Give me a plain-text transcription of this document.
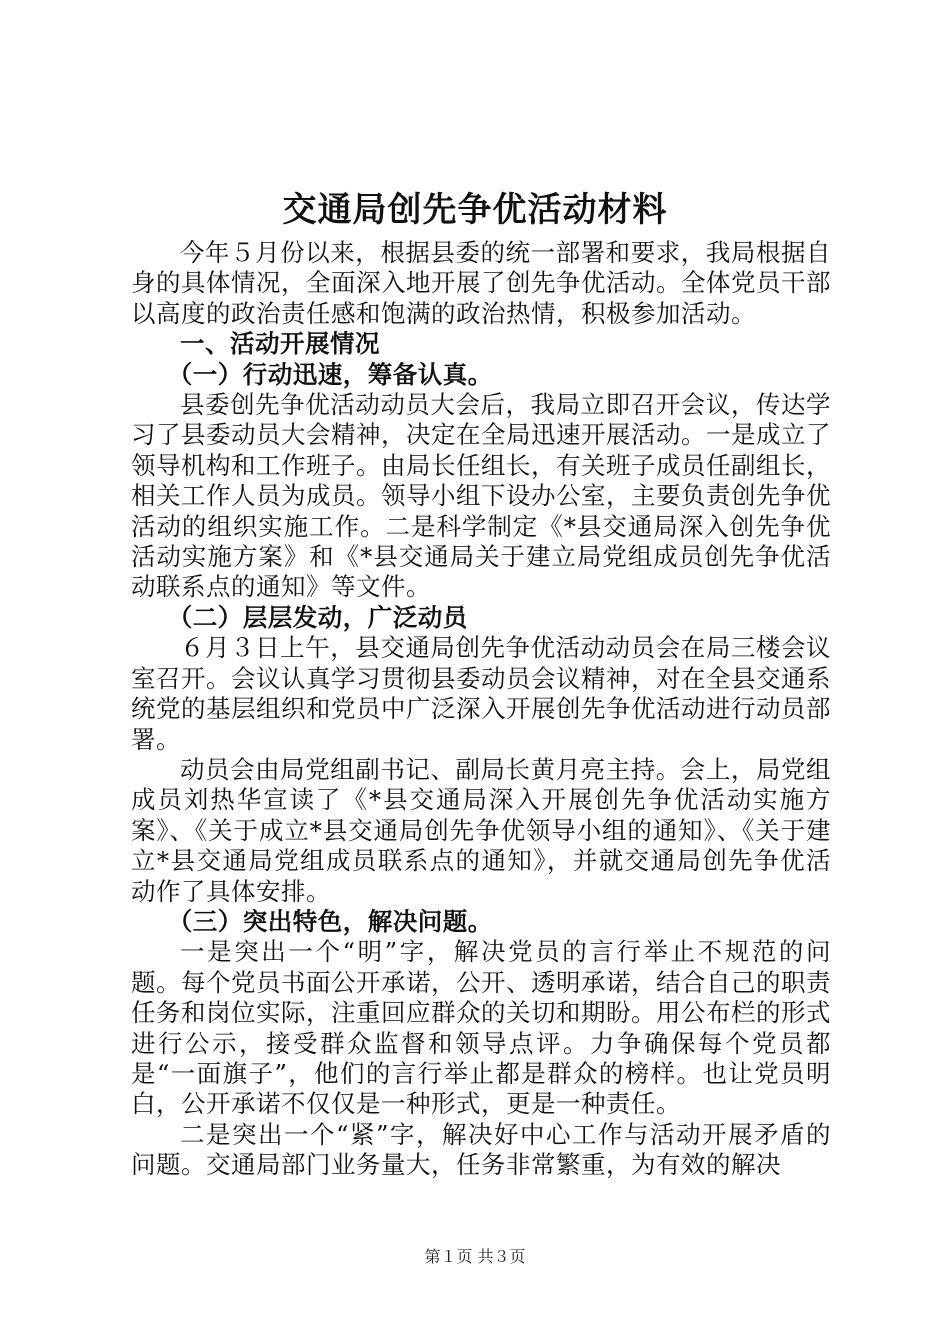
交通局创先争优活动材料

今年５月份以来，根据县委的统一部署和要求，我局根据自身的具体情况，全面深入地开展了创先争优活动。全体党员干部以高度的政治责任感和饱满的政治热情，积极参加活动。

一、活动开展情况
（一）行动迅速，筹备认真。

县委创先争优活动动员大会后，我局立即召开会议，传达学习了县委动员大会精神，决定在全局迅速开展活动。一是成立了领导机构和工作班子。由局长任组长，有关班子成员任副组长，相关工作人员为成员。领导小组下设办公室，主要负责创先争优活动的组织实施工作。二是科学制定《*县交通局深入创先争优活动实施方案》和《*县交通局关于建立局党组成员创先争优活动联系点的通知》等文件。

（二）层层发动，广泛动员

６月３日上午，县交通局创先争优活动动员会在局三楼会议室召开。会议认真学习贯彻县委动员会议精神，对在全县交通系统党的基层组织和党员中广泛深入开展创先争优活动进行动员部署。

动员会由局党组副书记、副局长黄月亮主持。会上，局党组成员刘热华宣读了《*县交通局深入开展创先争优活动实施方案》、《关于成立*县交通局创先争优领导小组的通知》、《关于建立*县交通局党组成员联系点的通知》，并就交通局创先争优活动作了具体安排。

（三）突出特色，解决问题。

一是突出一个“明”字，解决党员的言行举止不规范的问题。每个党员书面公开承诺，公开、透明承诺，结合自己的职责任务和岗位实际，注重回应群众的关切和期盼。用公布栏的形式进行公示，接受群众监督和领导点评。力争确保每个党员都是“一面旗子”，他们的言行举止都是群众的榜样。也让党员明白，公开承诺不仅仅是一种形式，更是一种责任。

二是突出一个“紧”字，解决好中心工作与活动开展矛盾的问题。交通局部门业务量大，任务非常繁重，为有效的解决

第１页 共３页
